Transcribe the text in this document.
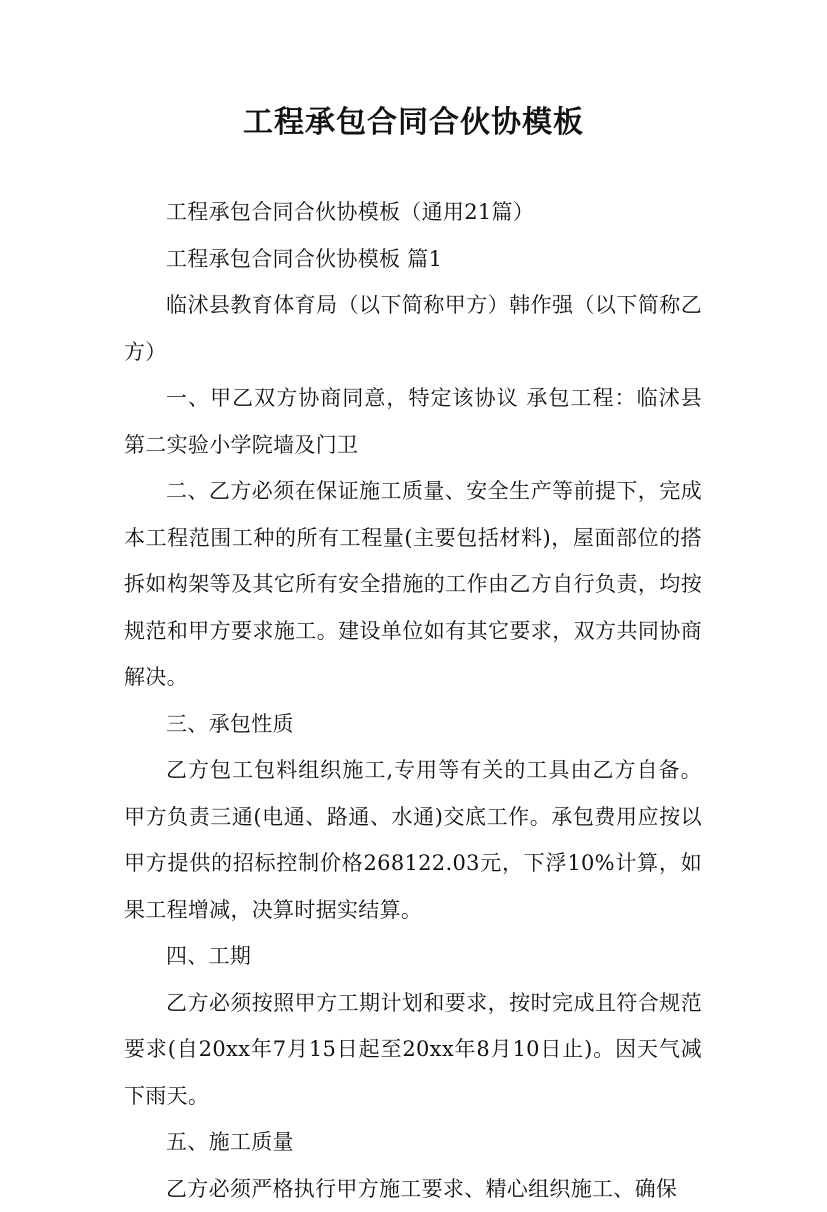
工程承包合同合伙协模板

工程承包合同合伙协模板（通用21篇）

工程承包合同合伙协模板 篇1

临沭县教育体育局（以下简称甲方）韩作强（以下简称乙方）

一、甲乙双方协商同意，特定该协议 承包工程：临沭县第二实验小学院墙及门卫

二、乙方必须在保证施工质量、安全生产等前提下，完成本工程范围工种的所有工程量(主要包括材料)，屋面部位的搭拆如构架等及其它所有安全措施的工作由乙方自行负责，均按规范和甲方要求施工。建设单位如有其它要求，双方共同协商解决。

三、承包性质

乙方包工包料组织施工,专用等有关的工具由乙方自备。甲方负责三通(电通、路通、水通)交底工作。承包费用应按以甲方提供的招标控制价格268122.03元，下浮10%计算，如果工程增减，决算时据实结算。

四、工期

乙方必须按照甲方工期计划和要求，按时完成且符合规范要求(自20xx年7月15日起至20xx年8月10日止)。因天气减下雨天。

五、施工质量

乙方必须严格执行甲方施工要求、精心组织施工、确保
